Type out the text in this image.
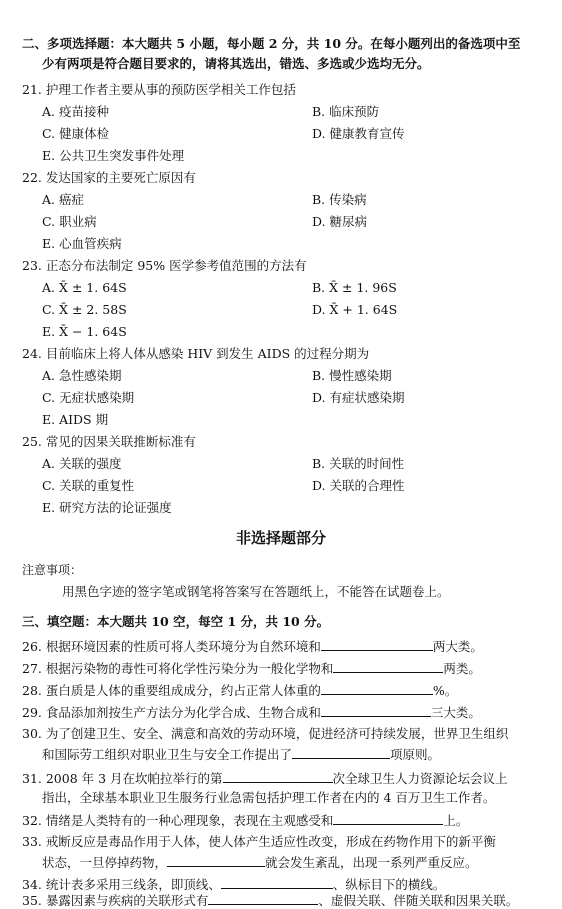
二、多项选择题：本大题共 5 小题，每小题 2 分，共 10 分。在每小题列出的备选项中至
少有两项是符合题目要求的，请将其选出，错选、多选或少选均无分。
21. 护理工作者主要从事的预防医学相关工作包括
A. 疫苗接种	B. 临床预防
C. 健康体检	D. 健康教育宣传
E. 公共卫生突发事件处理
22. 发达国家的主要死亡原因有
A. 癌症	B. 传染病
C. 职业病	D. 糖尿病
E. 心血管疾病
23. 正态分布法制定 95% 医学参考值范围的方法有
A. X̄ ± 1. 64S	B. X̄ ± 1. 96S
C. X̄ ± 2. 58S	D. X̄ + 1. 64S
E. X̄ − 1. 64S
24. 目前临床上将人体从感染 HIV 到发生 AIDS 的过程分期为
A. 急性感染期	B. 慢性感染期
C. 无症状感染期	D. 有症状感染期
E. AIDS 期
25. 常见的因果关联推断标准有
A. 关联的强度	B. 关联的时间性
C. 关联的重复性	D. 关联的合理性
E. 研究方法的论证强度
非选择题部分
注意事项：
用黑色字迹的签字笔或钢笔将答案写在答题纸上，不能答在试题卷上。
三、填空题：本大题共 10 空，每空 1 分，共 10 分。
26. 根据环境因素的性质可将人类环境分为自然环境和	两大类。
27. 根据污染物的毒性可将化学性污染分为一般化学物和	两类。
28. 蛋白质是人体的重要组成成分，约占正常人体重的	%。
29. 食品添加剂按生产方法分为化学合成、生物合成和	三大类。
30. 为了创建卫生、安全、满意和高效的劳动环境，促进经济可持续发展，世界卫生组织
和国际劳工组织对职业卫生与安全工作提出了	项原则。
31. 2008 年 3 月在坎帕拉举行的第	次全球卫生人力资源论坛会议上
指出，全球基本职业卫生服务行业急需包括护理工作者在内的 4 百万卫生工作者。
32. 情绪是人类特有的一种心理现象，表现在主观感受和	上。
33. 戒断反应是毒品作用于人体，使人体产生适应性改变，形成在药物作用下的新平衡
状态，一旦停掉药物，	就会发生紊乱，出现一系列严重反应。
34. 统计表多采用三线条，即顶线、	、纵标目下的横线。
35. 暴露因素与疾病的关联形式有	、虚假关联、伴随关联和因果关联。
